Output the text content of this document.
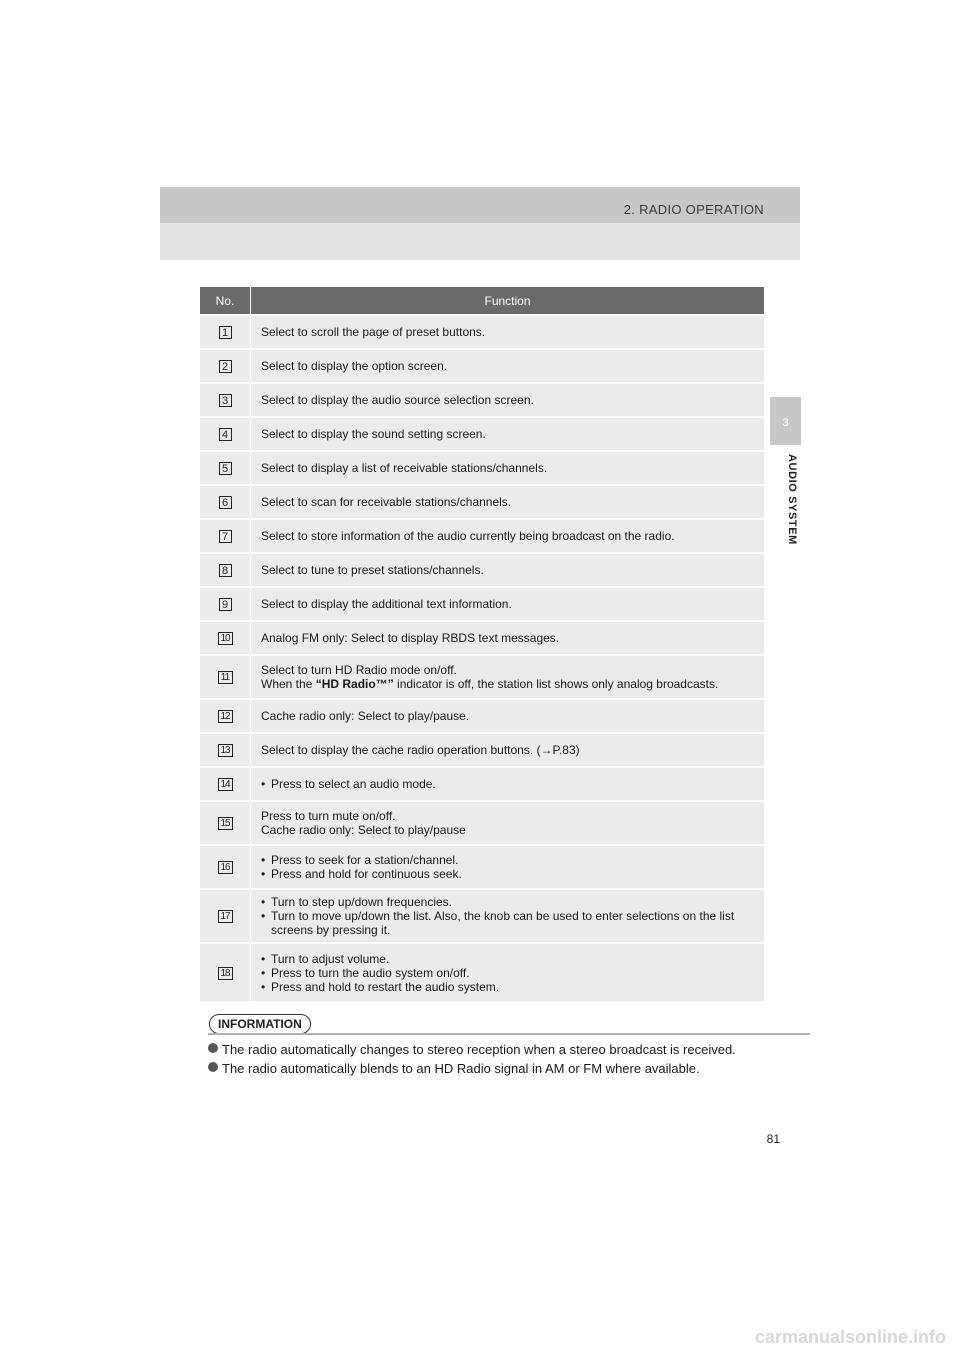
2. RADIO OPERATION
3
AUDIO SYSTEM
No.	Function
1	Select to scroll the page of preset buttons.

2	Select to display the option screen.

3	Select to display the audio source selection screen.

4	Select to display the sound setting screen.

5	Select to display a list of receivable stations/channels.

6	Select to scan for receivable stations/channels.

7	Select to store information of the audio currently being broadcast on the radio.

8	Select to tune to preset stations/channels.

9	Select to display the additional text information.

10	Analog FM only: Select to display RBDS text messages.

11	Select to turn HD Radio mode on/off.
When the “HD Radio™” indicator is off, the station list shows only analog broadcasts.

12	Cache radio only: Select to play/pause.

13	Select to display the cache radio operation buttons. (→P.83)

14	• Press to select an audio mode.

15	Press to turn mute on/off.
Cache radio only: Select to play/pause

16	• Press to seek for a station/channel.
• Press and hold for continuous seek.

17	• Turn to step up/down frequencies.
• Turn to move up/down the list. Also, the knob can be used to enter selections on the list screens by pressing it.

18	• Turn to adjust volume.
• Press to turn the audio system on/off.
• Press and hold to restart the audio system.
INFORMATION
The radio automatically changes to stereo reception when a stereo broadcast is received.
The radio automatically blends to an HD Radio signal in AM or FM where available.
81
carmanualsonline.info
